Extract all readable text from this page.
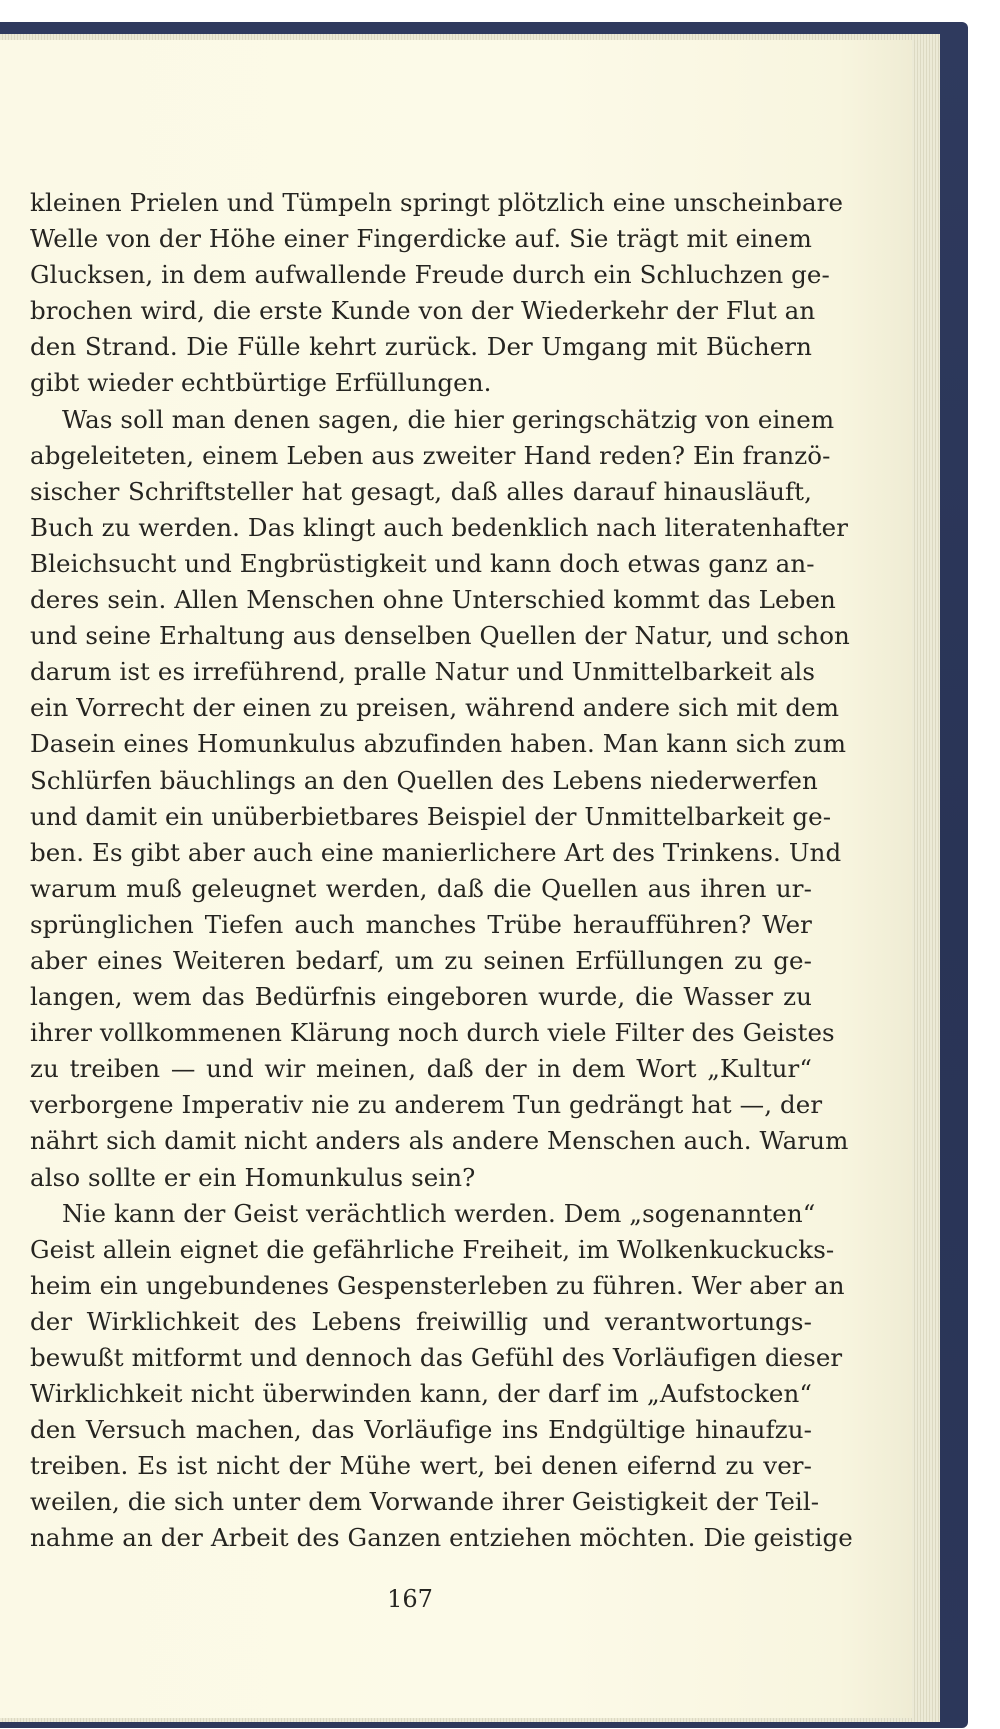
kleinen Prielen und Tümpeln springt plötzlich eine unscheinbare
Welle von der Höhe einer Fingerdicke auf. Sie trägt mit einem
Glucksen, in dem aufwallende Freude durch ein Schluchzen ge-
brochen wird, die erste Kunde von der Wiederkehr der Flut an
den Strand. Die Fülle kehrt zurück. Der Umgang mit Büchern
gibt wieder echtbürtige Erfüllungen.
Was soll man denen sagen, die hier geringschätzig von einem
abgeleiteten, einem Leben aus zweiter Hand reden? Ein franzö-
sischer Schriftsteller hat gesagt, daß alles darauf hinausläuft,
Buch zu werden. Das klingt auch bedenklich nach literatenhafter
Bleichsucht und Engbrüstigkeit und kann doch etwas ganz an-
deres sein. Allen Menschen ohne Unterschied kommt das Leben
und seine Erhaltung aus denselben Quellen der Natur, und schon
darum ist es irreführend, pralle Natur und Unmittelbarkeit als
ein Vorrecht der einen zu preisen, während andere sich mit dem
Dasein eines Homunkulus abzufinden haben. Man kann sich zum
Schlürfen bäuchlings an den Quellen des Lebens niederwerfen
und damit ein unüberbietbares Beispiel der Unmittelbarkeit ge-
ben. Es gibt aber auch eine manierlichere Art des Trinkens. Und
warum muß geleugnet werden, daß die Quellen aus ihren ur-
sprünglichen Tiefen auch manches Trübe heraufführen? Wer
aber eines Weiteren bedarf, um zu seinen Erfüllungen zu ge-
langen, wem das Bedürfnis eingeboren wurde, die Wasser zu
ihrer vollkommenen Klärung noch durch viele Filter des Geistes
zu treiben — und wir meinen, daß der in dem Wort „Kultur“
verborgene Imperativ nie zu anderem Tun gedrängt hat —, der
nährt sich damit nicht anders als andere Menschen auch. Warum
also sollte er ein Homunkulus sein?
Nie kann der Geist verächtlich werden. Dem „sogenannten“
Geist allein eignet die gefährliche Freiheit, im Wolkenkuckucks-
heim ein ungebundenes Gespensterleben zu führen. Wer aber an
der Wirklichkeit des Lebens freiwillig und verantwortungs-
bewußt mitformt und dennoch das Gefühl des Vorläufigen dieser
Wirklichkeit nicht überwinden kann, der darf im „Aufstocken“
den Versuch machen, das Vorläufige ins Endgültige hinaufzu-
treiben. Es ist nicht der Mühe wert, bei denen eifernd zu ver-
weilen, die sich unter dem Vorwande ihrer Geistigkeit der Teil-
nahme an der Arbeit des Ganzen entziehen möchten. Die geistige
167
